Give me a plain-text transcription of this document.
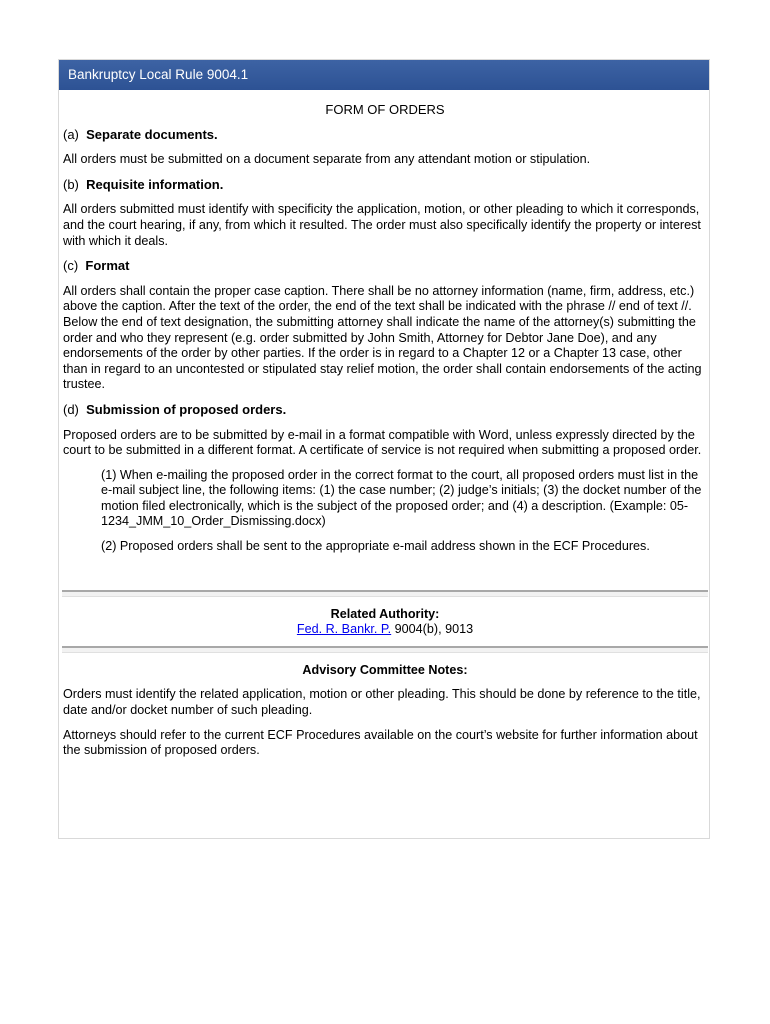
Bankruptcy Local Rule 9004.1
FORM OF ORDERS
(a) Separate documents.

All orders must be submitted on a document separate from any attendant motion or stipulation.

(b) Requisite information.

All orders submitted must identify with specificity the application, motion, or other pleading to which it corresponds, and the court hearing, if any, from which it resulted. The order must also specifically identify the property or interest with which it deals.

(c) Format

All orders shall contain the proper case caption. There shall be no attorney information (name, firm, address, etc.) above the caption. After the text of the order, the end of the text shall be indicated with the phrase // end of text //. Below the end of text designation, the submitting attorney shall indicate the name of the attorney(s) submitting the order and who they represent (e.g. order submitted by John Smith, Attorney for Debtor Jane Doe), and any endorsements of the order by other parties. If the order is in regard to a Chapter 12 or a Chapter 13 case, other than in regard to an uncontested or stipulated stay relief motion, the order shall contain endorsements of the acting trustee.

(d) Submission of proposed orders.

Proposed orders are to be submitted by e-mail in a format compatible with Word, unless expressly directed by the court to be submitted in a different format. A certificate of service is not required when submitting a proposed order.

(1) When e-mailing the proposed order in the correct format to the court, all proposed orders must list in the e-mail subject line, the following items: (1) the case number; (2) judge’s initials; (3) the docket number of the motion filed electronically, which is the subject of the proposed order; and (4) a description. (Example: 05-1234_JMM_10_Order_Dismissing.docx)

(2) Proposed orders shall be sent to the appropriate e-mail address shown in the ECF Procedures.

Related Authority:
Fed. R. Bankr. P. 9004(b), 9013
Advisory Committee Notes:

Orders must identify the related application, motion or other pleading. This should be done by reference to the title, date and/or docket number of such pleading.

Attorneys should refer to the current ECF Procedures available on the court’s website for further information about the submission of proposed orders.
